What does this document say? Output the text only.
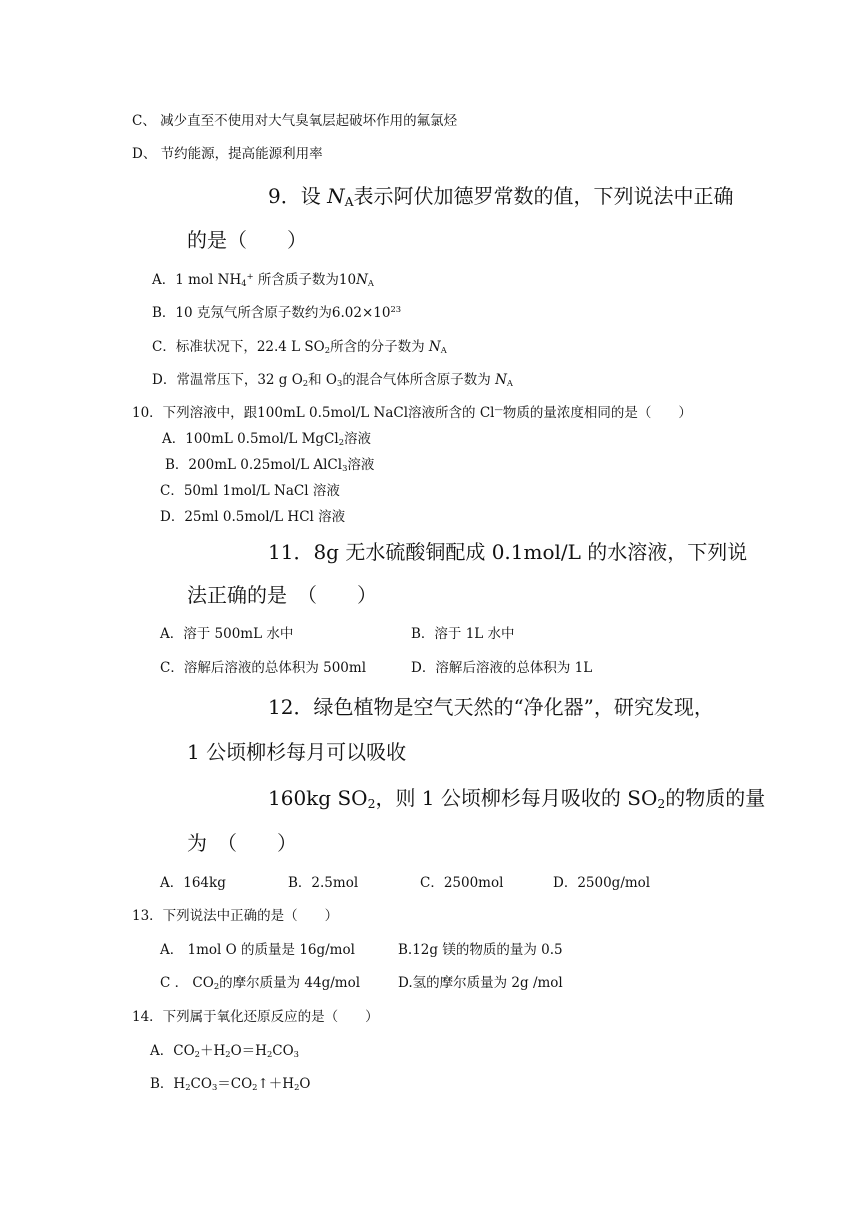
C、 减少直至不使用对大气臭氧层起破坏作用的氟氯烃
D、 节约能源，提高能源利用率
9．设 $N_A$表示阿伏加德罗常数的值，下列说法中正确
的是（　　）
A．1 mol $NH_4^+$ 所含质子数为$10N_A$
B．10 克氖气所含原子数约为$6.02\times 10^{23}$
C．标准状况下，22.4 L $SO_2$所含的分子数为 $N_A$
D．常温常压下，32 g $O_2$和 $O_3$的混合气体所含原子数为 $N_A$
10．下列溶液中，跟100mL 0.5mol/L NaCl溶液所含的 Cl—物质的量浓度相同的是（　　）
A．100mL 0.5mol/L MgCl$_2$溶液
B．200mL 0.25mol/L AlCl$_3$溶液
C．50ml 1mol/L NaCl 溶液
D．25ml 0.5mol/L HCl 溶液
11．8g 无水硫酸铜配成 0.1mol/L 的水溶液，下列说
法正确的是　（　　）
A．溶于 500mL 水中	B．溶于 1L 水中
C．溶解后溶液的总体积为 500ml	D．溶解后溶液的总体积为 1L
12．绿色植物是空气天然的“净化器”，研究发现，
1 公顷柳杉每月可以吸收
160kg $SO_2$，则 1 公顷柳杉每月吸收的 $SO_2$的物质的量
为　（　　）
A．164kg	B．2.5mol	C．2500mol	D．2500g/mol
13．下列说法中正确的是（　　）
A． 1mol O 的质量是 16g/mol	B.12g 镁的物质的量为 0.5
C ． $CO_2$的摩尔质量为 44g/mol	D.氢的摩尔质量为 2g /mol
14．下列属于氧化还原反应的是（　　）
A．$CO_2+H_2O=H_2CO_3$
B．$H_2CO_3=CO_2↑+H_2O$
